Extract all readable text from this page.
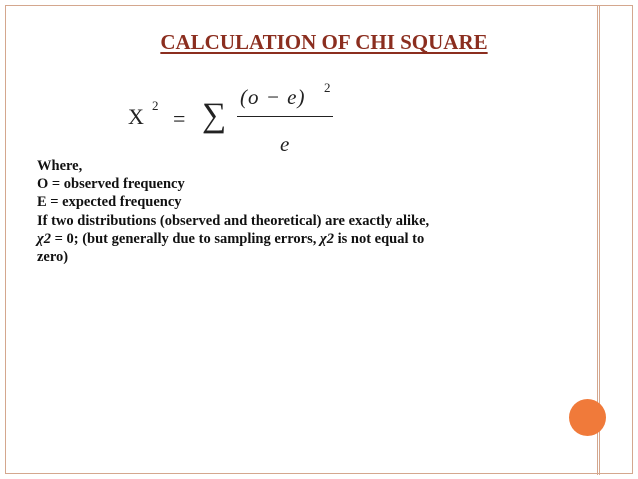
CALCULATION OF CHI SQUARE
X 2
= ∑ (o − e) 2
e
Where,
O = observed frequency
E = expected frequency
If two distributions (observed and theoretical) are exactly alike,
χ2 = 0; (but generally due to sampling errors, χ2 is not equal to
zero)
